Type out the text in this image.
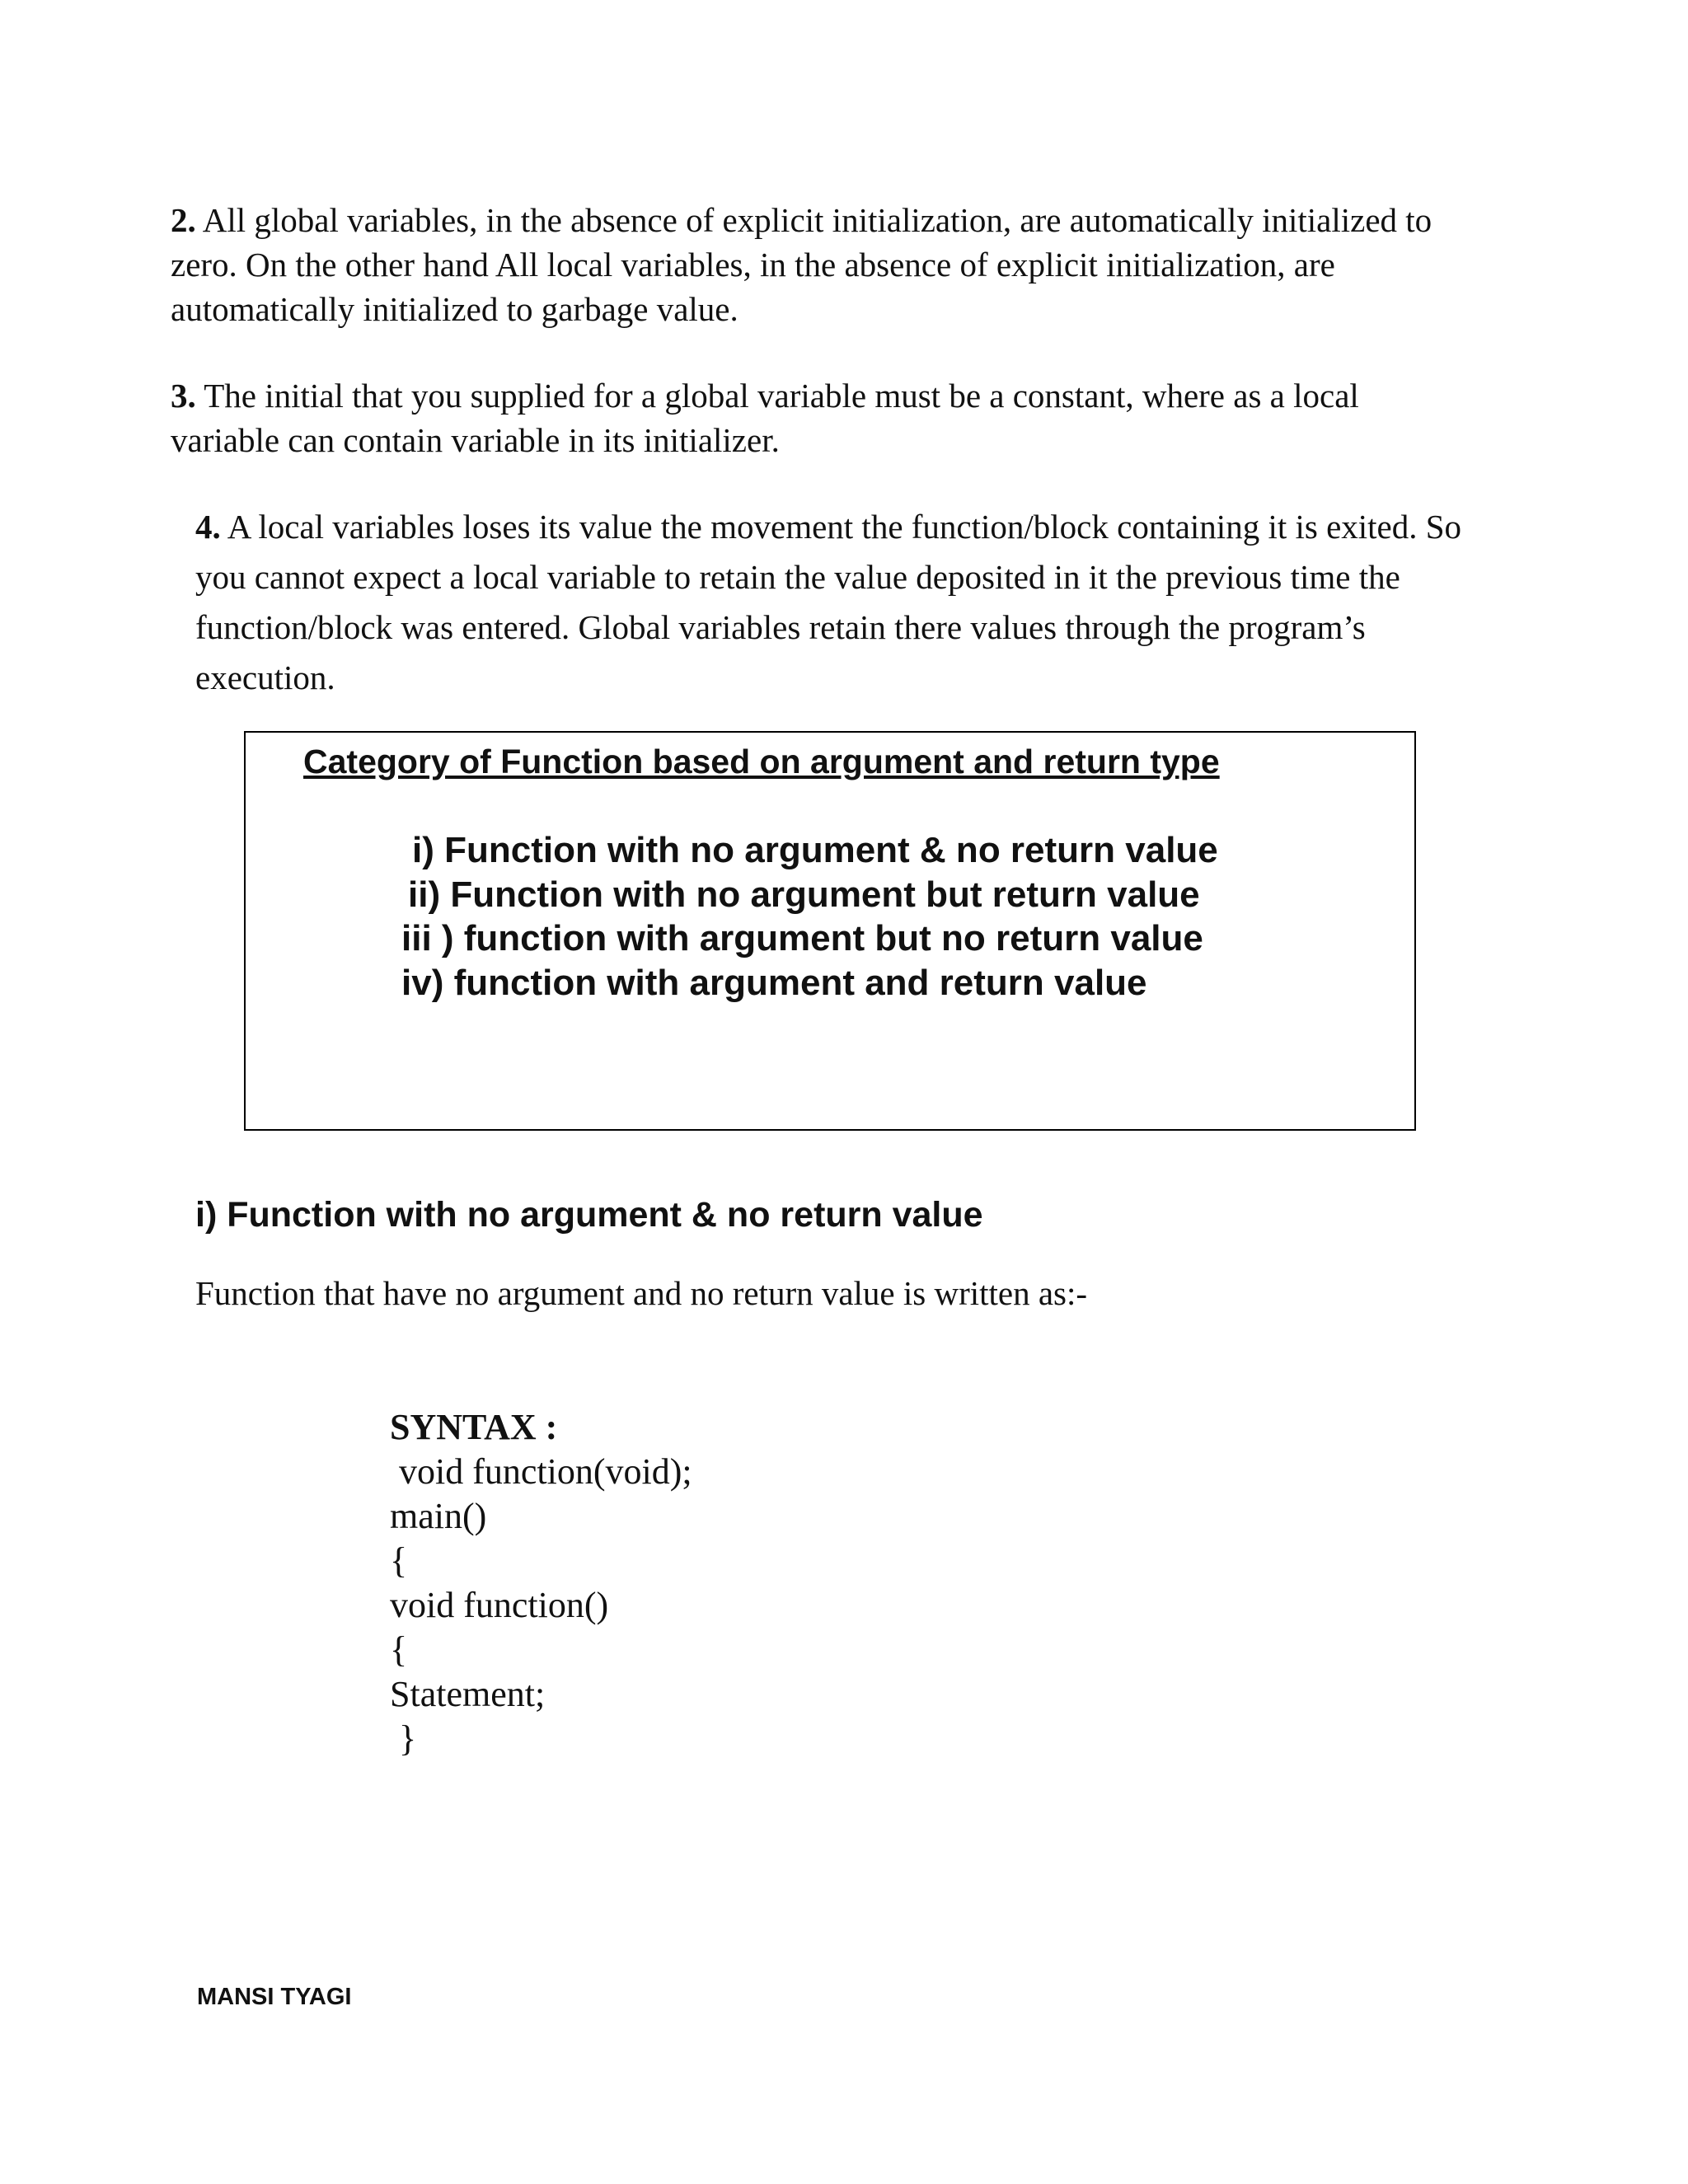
2. All global variables, in the absence of explicit initialization, are automatically initialized to zero. On the other hand All local variables, in the absence of explicit initialization, are automatically initialized to garbage value.
3. The initial that you supplied for a global variable must be a constant, where as a local variable can contain variable in its initializer.
4. A local variables loses its value the movement the function/block containing it is exited. So you cannot expect a local variable to retain the value deposited in it the previous time the function/block was entered. Global variables retain there values through the program’s execution.
Category of Function based on argument and return type
i) Function with no argument & no return value
ii) Function with no argument but return value
iii ) function with argument but no return value
iv) function with argument and return value
i) Function with no argument & no return value
Function that have no argument and no return value is written as:-
SYNTAX :
void function(void);
main()
{
void function()
{
Statement;
}
MANSI TYAGI
